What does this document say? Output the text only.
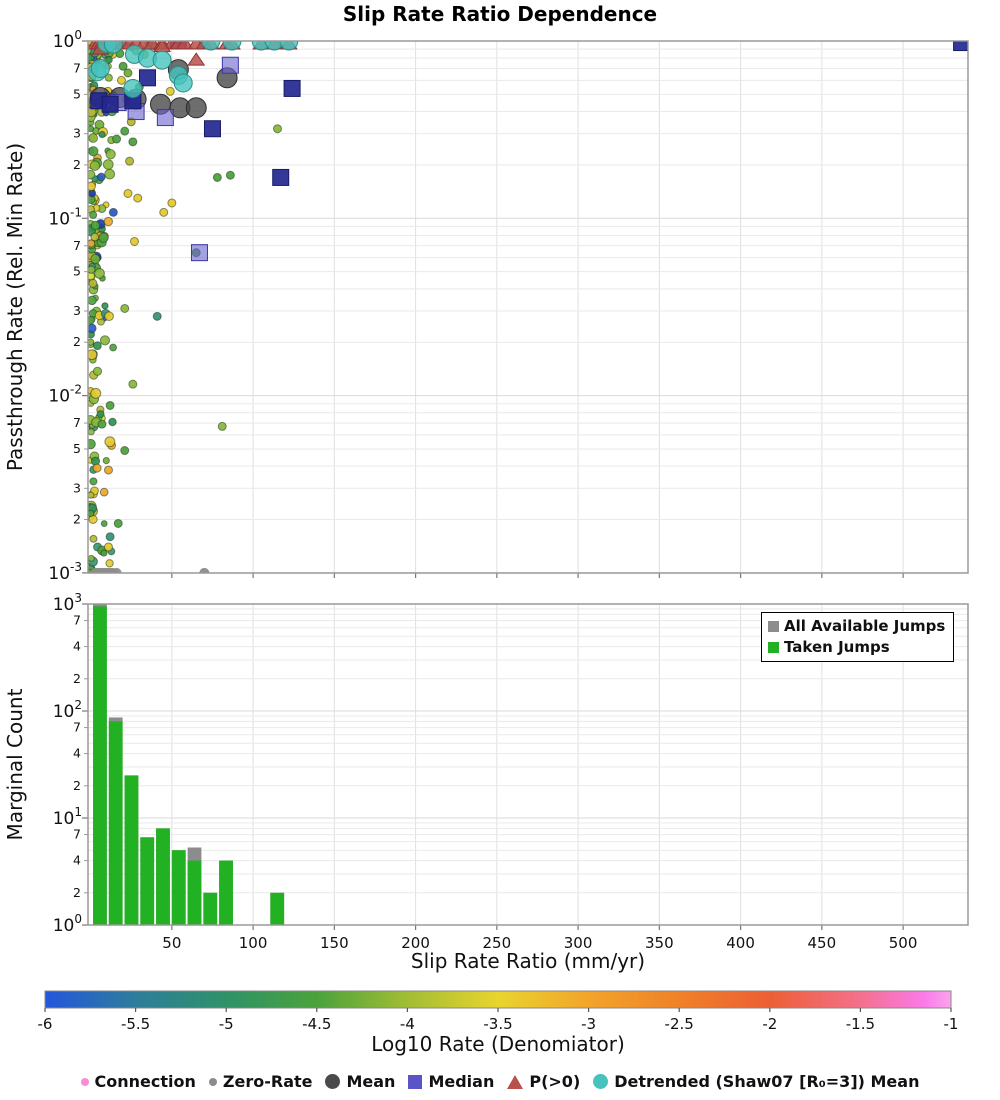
Slip Rate Ratio Dependence
$10^0$
$10^{-1}$
$10^{-2}$
$10^{-3}$
7
5
3
2
7
5
3
2
7
5
3
2
Passthrough Rate (Rel. Min Rate)
$10^3$
$10^2$
$10^1$
$10^0$
7
4
2
7
4
2
7
4
2
50	100	150	200	250	300	350	400	450	500
Marginal Count
Slip Rate Ratio (mm/yr)
-6	-5.5	-5	-4.5	-4	-3.5	-3	-2.5	-2	-1.5	-1
Log10 Rate (Denomiator)
All Available Jumps
Taken Jumps
Connection Zero-Rate Mean Median P(>0) Detrended (Shaw07 [R₀=3]) Mean
